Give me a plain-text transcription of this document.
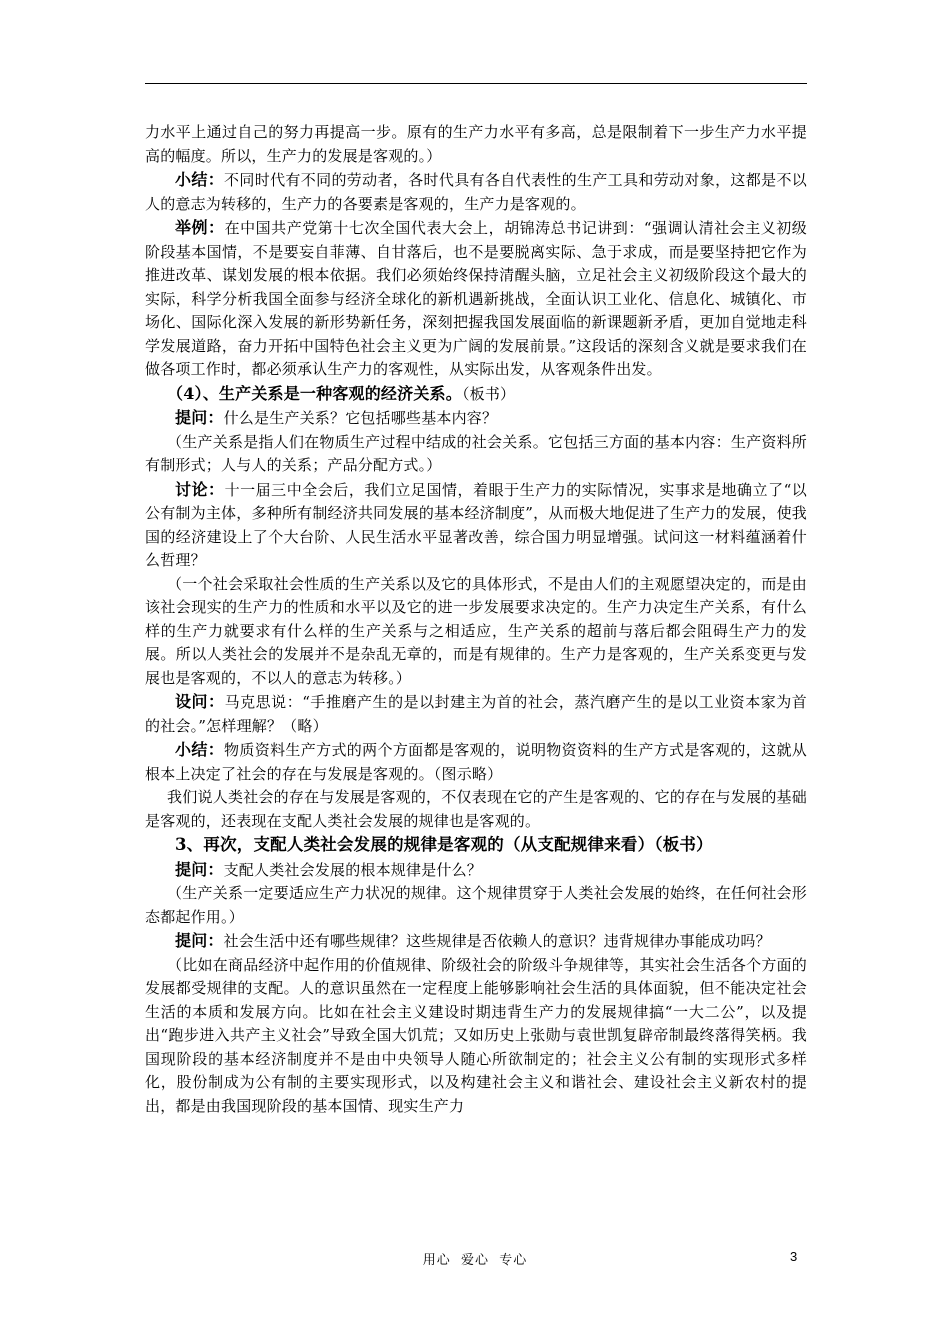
力水平上通过自己的努力再提高一步。原有的生产力水平有多高，总是限制着下一步生产力水平提高的幅度。所以，生产力的发展是客观的。）

小结：不同时代有不同的劳动者，各时代具有各自代表性的生产工具和劳动对象，这都是不以人的意志为转移的，生产力的各要素是客观的，生产力是客观的。

举例：在中国共产党第十七次全国代表大会上，胡锦涛总书记讲到：“强调认清社会主义初级阶段基本国情，不是要妄自菲薄、自甘落后，也不是要脱离实际、急于求成，而是要坚持把它作为推进改革、谋划发展的根本依据。我们必须始终保持清醒头脑，立足社会主义初级阶段这个最大的实际，科学分析我国全面参与经济全球化的新机遇新挑战，全面认识工业化、信息化、城镇化、市场化、国际化深入发展的新形势新任务，深刻把握我国发展面临的新课题新矛盾，更加自觉地走科学发展道路，奋力开拓中国特色社会主义更为广阔的发展前景。”这段话的深刻含义就是要求我们在做各项工作时，都必须承认生产力的客观性，从实际出发，从客观条件出发。

（4）、生产关系是一种客观的经济关系。（板书）

提问：什么是生产关系？它包括哪些基本内容？

（生产关系是指人们在物质生产过程中结成的社会关系。它包括三方面的基本内容：生产资料所有制形式；人与人的关系；产品分配方式。）

讨论：十一届三中全会后，我们立足国情，着眼于生产力的实际情况，实事求是地确立了“以公有制为主体，多种所有制经济共同发展的基本经济制度”，从而极大地促进了生产力的发展，使我国的经济建设上了个大台阶、人民生活水平显著改善，综合国力明显增强。试问这一材料蕴涵着什么哲理？

（一个社会采取社会性质的生产关系以及它的具体形式，不是由人们的主观愿望决定的，而是由该社会现实的生产力的性质和水平以及它的进一步发展要求决定的。生产力决定生产关系，有什么样的生产力就要求有什么样的生产关系与之相适应，生产关系的超前与落后都会阻碍生产力的发展。所以人类社会的发展并不是杂乱无章的，而是有规律的。生产力是客观的，生产关系变更与发展也是客观的，不以人的意志为转移。）

设问：马克思说：“手推磨产生的是以封建主为首的社会，蒸汽磨产生的是以工业资本家为首的社会。”怎样理解？（略）

小结：物质资料生产方式的两个方面都是客观的，说明物资资料的生产方式是客观的，这就从根本上决定了社会的存在与发展是客观的。（图示略）

我们说人类社会的存在与发展是客观的，不仅表现在它的产生是客观的、它的存在与发展的基础是客观的，还表现在支配人类社会发展的规律也是客观的。

3、再次，支配人类社会发展的规律是客观的（从支配规律来看）（板书）

提问：支配人类社会发展的根本规律是什么？

（生产关系一定要适应生产力状况的规律。这个规律贯穿于人类社会发展的始终，在任何社会形态都起作用。）

提问：社会生活中还有哪些规律？这些规律是否依赖人的意识？违背规律办事能成功吗？

（比如在商品经济中起作用的价值规律、阶级社会的阶级斗争规律等，其实社会生活各个方面的发展都受规律的支配。人的意识虽然在一定程度上能够影响社会生活的具体面貌，但不能决定社会生活的本质和发展方向。比如在社会主义建设时期违背生产力的发展规律搞“一大二公”，以及提出“跑步进入共产主义社会”导致全国大饥荒；又如历史上张勋与袁世凯复辟帝制最终落得笑柄。我国现阶段的基本经济制度并不是由中央领导人随心所欲制定的；社会主义公有制的实现形式多样化，股份制成为公有制的主要实现形式，以及构建社会主义和谐社会、建设社会主义新农村的提出，都是由我国现阶段的基本国情、现实生产力

用心  爱心  专心	3
